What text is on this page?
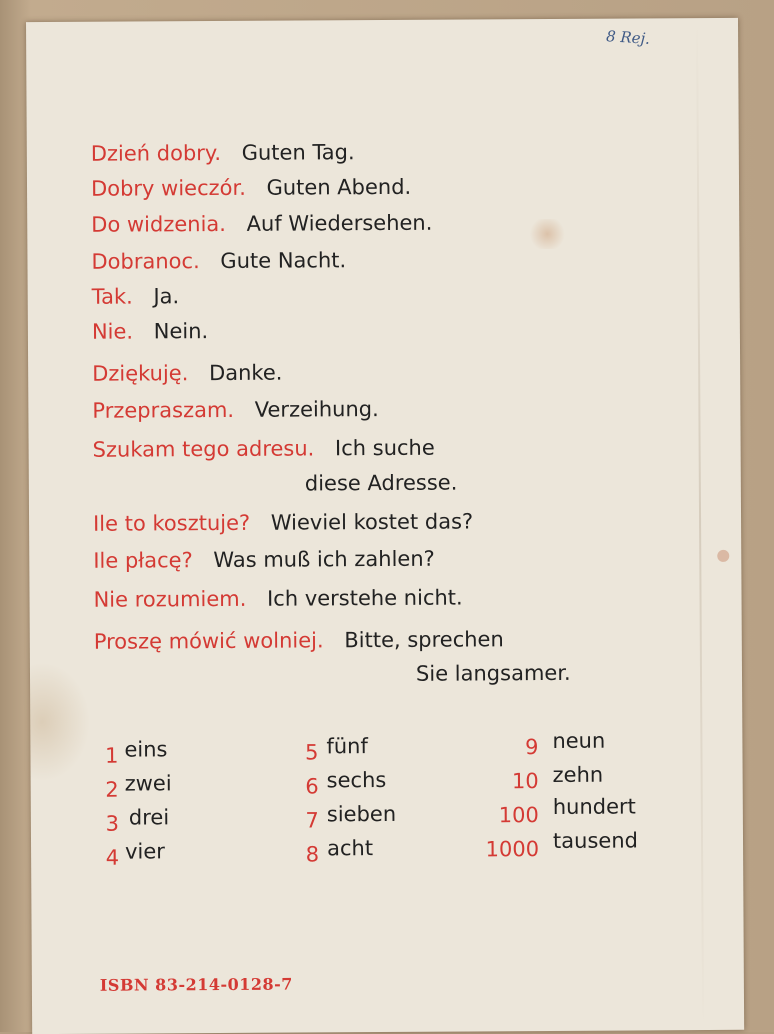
8 Rej.
Dzień dobry. Guten Tag.
Dobry wieczór. Guten Abend.
Do widzenia. Auf Wiedersehen.
Dobranoc. Gute Nacht.
Tak. Ja.
Nie. Nein.
Dziękuję. Danke.
Przepraszam. Verzeihung.
Szukam tego adresu. Ich suche
diese Adresse.
Ile to kosztuje? Wieviel kostet das?
Ile płacę? Was muß ich zahlen?
Nie rozumiem. Ich verstehe nicht.
Proszę mówić wolniej. Bitte, sprechen
Sie langsamer.
1 eins
2 zwei
3 drei
4 vier
5 fünf
6 sechs
7 sieben
8 acht
9 neun
10 zehn
100 hundert
1000 tausend
ISBN 83-214-0128-7
